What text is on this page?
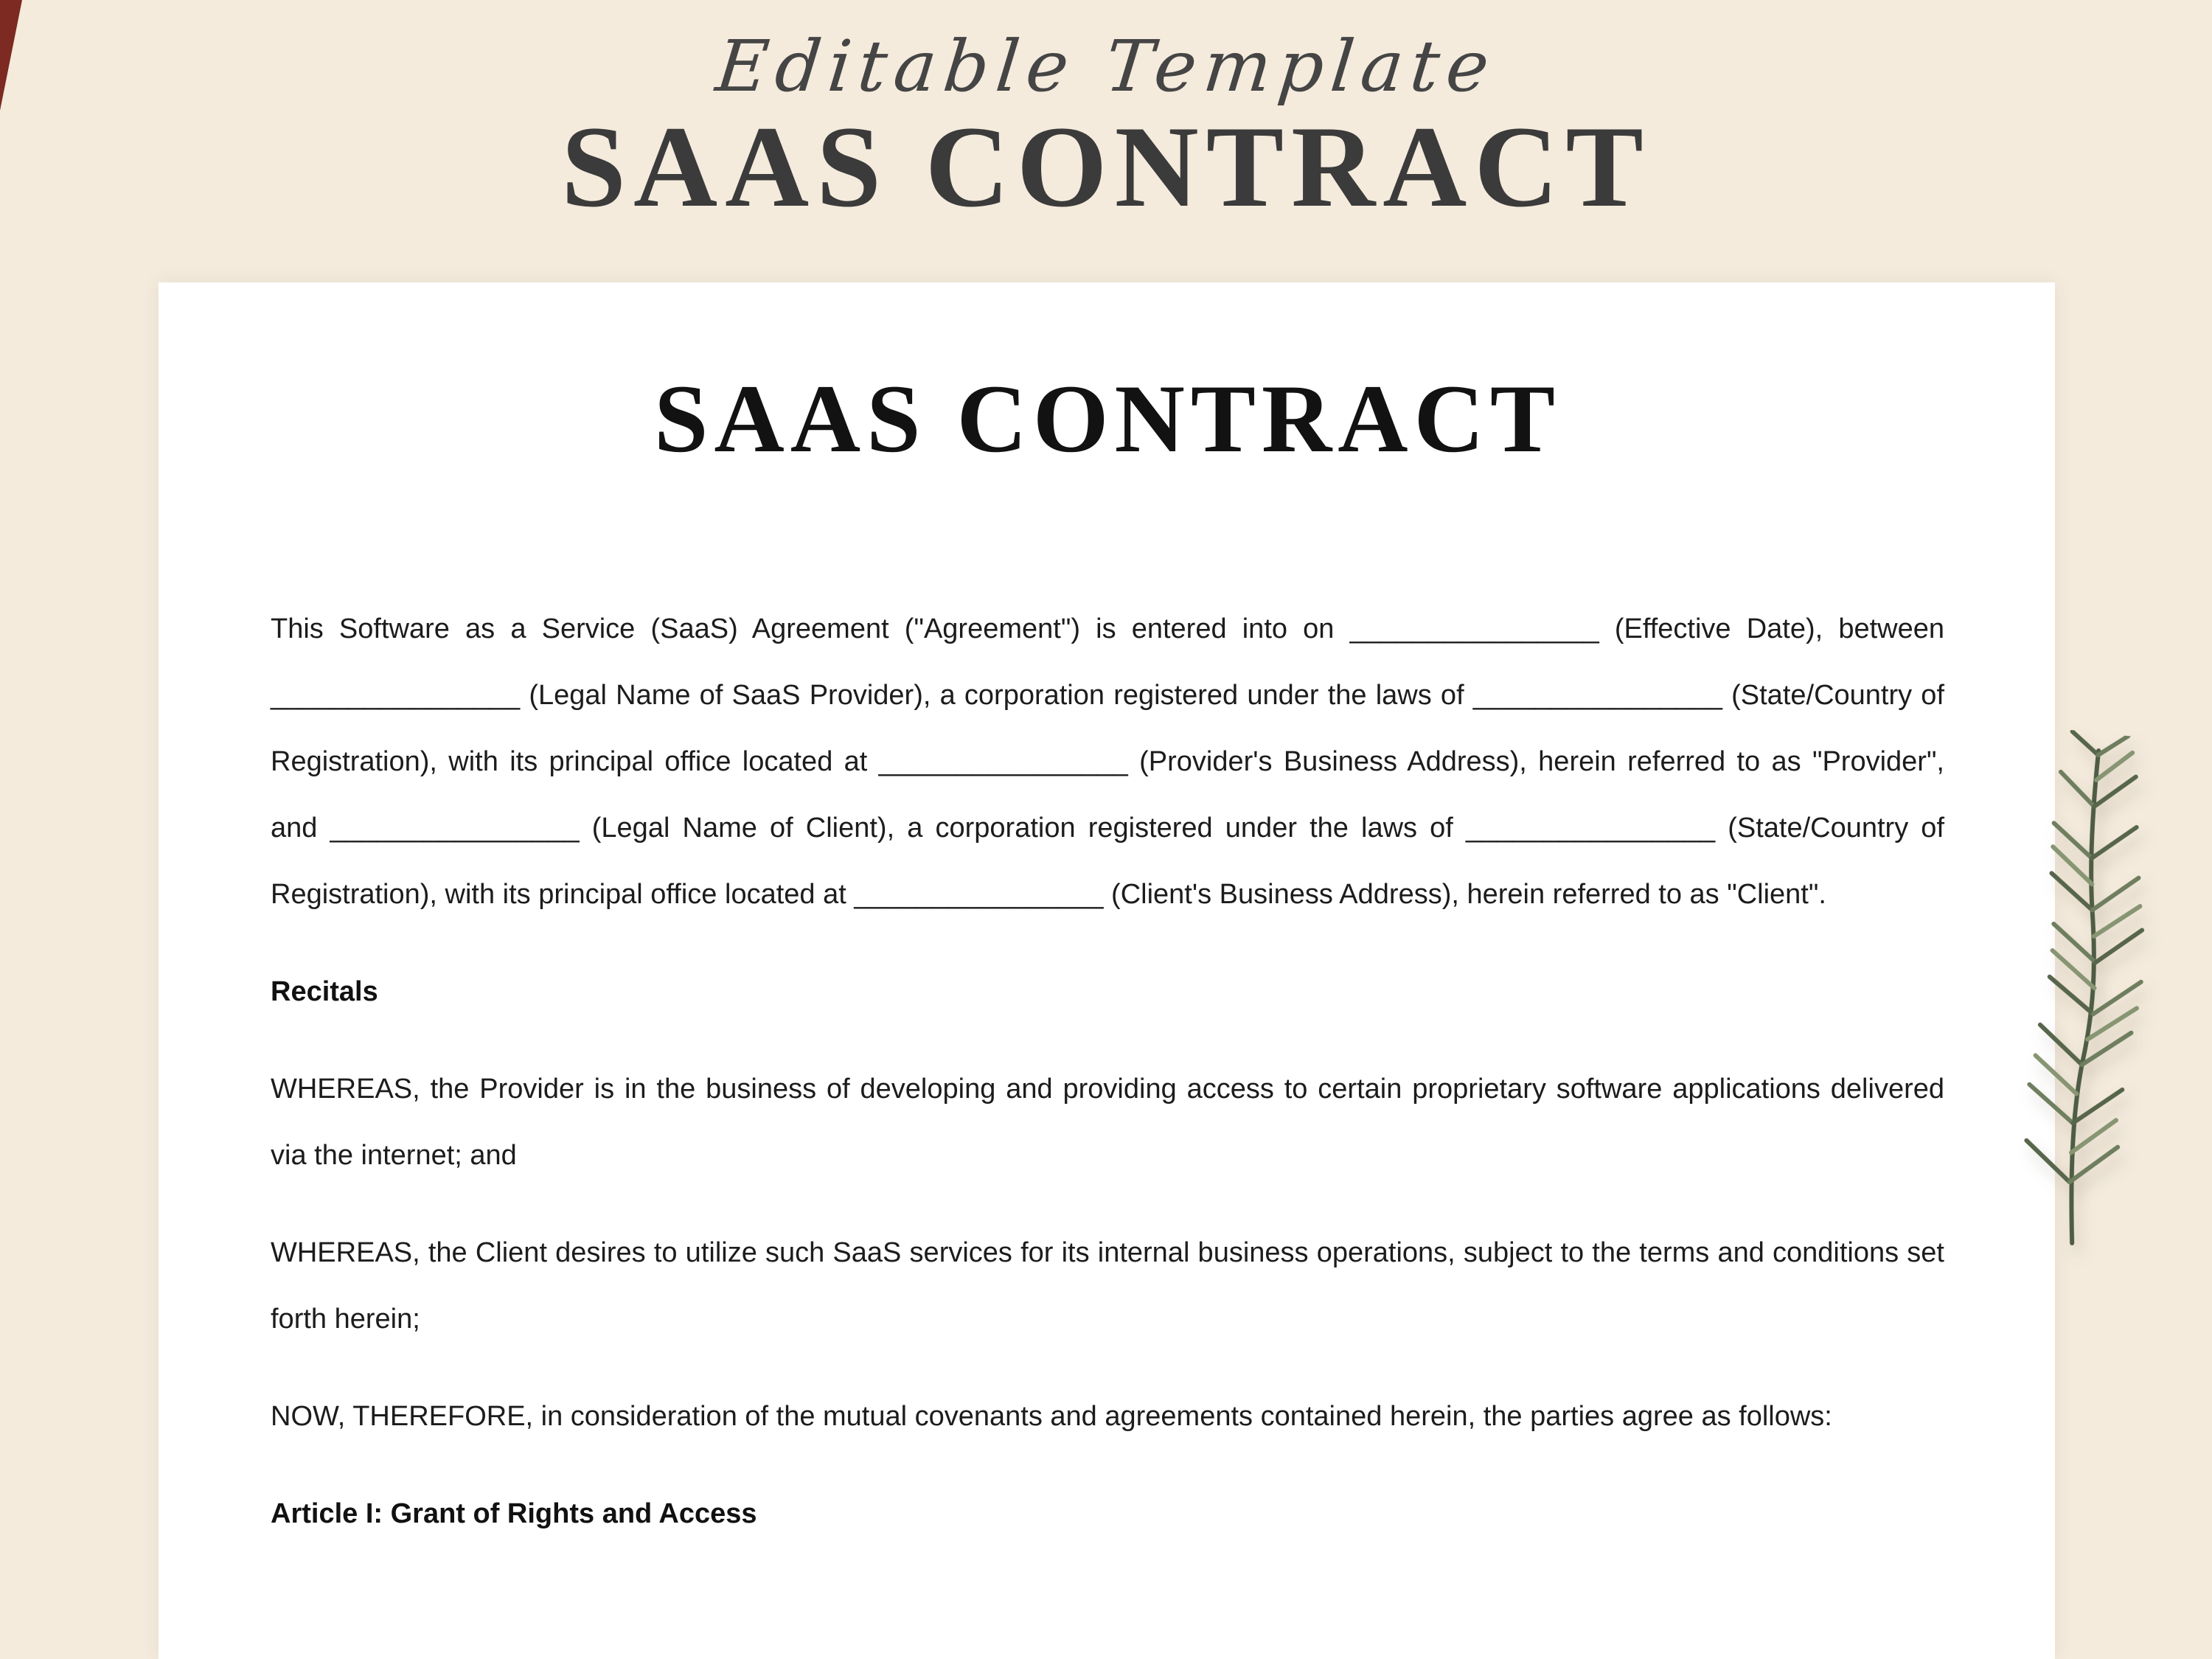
Editable Template
SAAS CONTRACT
SAAS CONTRACT

This Software as a Service (SaaS) Agreement ("Agreement") is entered into on ________________ (Effective Date), between ________________ (Legal Name of SaaS Provider), a corporation registered under the laws of ________________ (State/Country of Registration), with its principal office located at ________________ (Provider's Business Address), herein referred to as "Provider", and ________________ (Legal Name of Client), a corporation registered under the laws of ________________ (State/Country of Registration), with its principal office located at ________________ (Client's Business Address), herein referred to as "Client".

Recitals

WHEREAS, the Provider is in the business of developing and providing access to certain proprietary software applications delivered via the internet; and

WHEREAS, the Client desires to utilize such SaaS services for its internal business operations, subject to the terms and conditions set forth herein;

NOW, THEREFORE, in consideration of the mutual covenants and agreements contained herein, the parties agree as follows:

Article I: Grant of Rights and Access
